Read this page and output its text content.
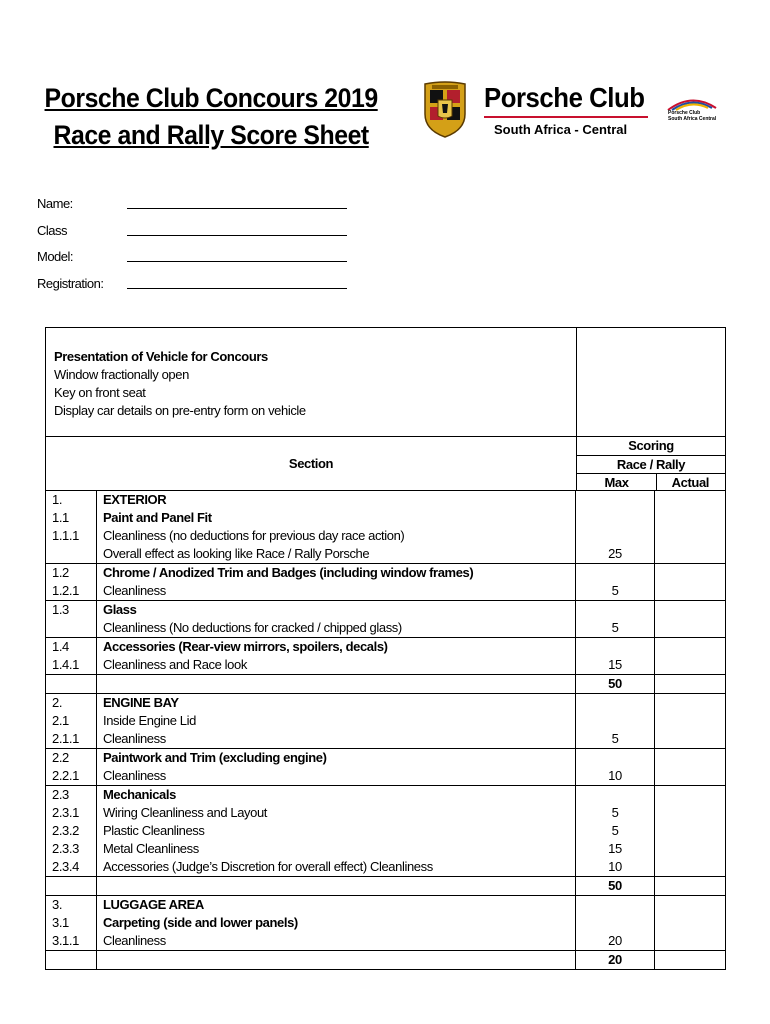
Porsche Club Concours 2019
Race and Rally Score Sheet
Porsche Club
South Africa - Central
Porsche Club
South Africa Central
Name:
Class
Model:
Registration:
Presentation of Vehicle for Concours
Window fractionally open
Key on front seat
Display car details on pre-entry form on vehicle
Section
Scoring
Race / Rally
Max	Actual
1.	EXTERIOR
1.1	Paint and Panel Fit
1.1.1	Cleanliness (no deductions for previous day race action)
Overall effect as looking like Race / Rally Porsche	25
1.2	Chrome / Anodized Trim and Badges (including window frames)
1.2.1	Cleanliness	5
1.3	Glass
Cleanliness (No deductions for cracked / chipped glass)	5
1.4	Accessories (Rear-view mirrors, spoilers, decals)
1.4.1	Cleanliness and Race look	15
50
2.	ENGINE BAY
2.1	Inside Engine Lid
2.1.1	Cleanliness	5
2.2	Paintwork and Trim (excluding engine)
2.2.1	Cleanliness	10
2.3	Mechanicals
2.3.1	Wiring Cleanliness and Layout	5
2.3.2	Plastic Cleanliness	5
2.3.3	Metal Cleanliness	15
2.3.4	Accessories (Judge’s Discretion for overall effect) Cleanliness	10
50
3.	LUGGAGE AREA
3.1	Carpeting (side and lower panels)
3.1.1	Cleanliness	20
20
